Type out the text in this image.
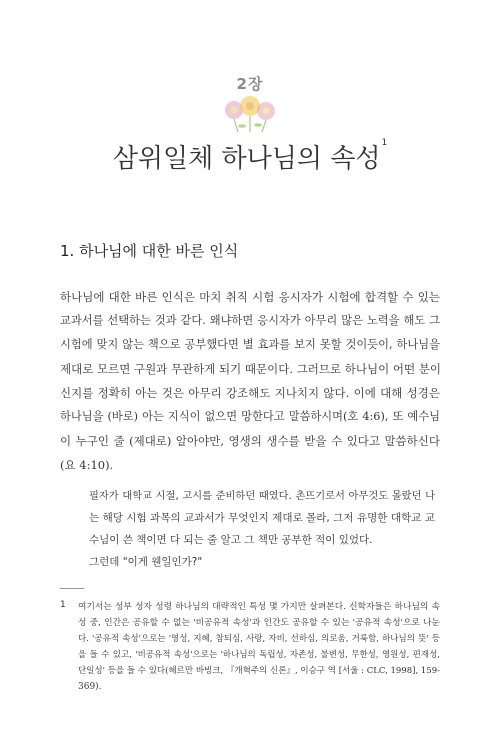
2장
삼위일체 하나님의 속성$^1$
1. 하나님에 대한 바른 인식
하나님에 대한 바른 인식은 마치 취직 시험 응시자가 시험에 합격할 수 있는
교과서를 선택하는 것과 같다. 왜냐하면 응시자가 아무리 많은 노력을 해도 그
시험에 맞지 않는 책으로 공부했다면 별 효과를 보지 못할 것이듯이, 하나님을
제대로 모르면 구원과 무관하게 되기 때문이다. 그러므로 하나님이 어떤 분이
신지를 정확히 아는 것은 아무리 강조해도 지나치지 않다. 이에 대해 성경은
하나님을 (바로) 아는 지식이 없으면 망한다고 말씀하시며(호 4:6), 또 예수님
이 누구인 줄 (제대로) 알아야만, 영생의 생수를 받을 수 있다고 말씀하신다
(요 4:10).
필자가 대학교 시절, 고시를 준비하던 때였다. 촌뜨기로서 아무것도 몰랐던 나
는 해당 시험 과목의 교과서가 무엇인지 제대로 몰라, 그저 유명한 대학교 교
수님이 쓴 책이면 다 되는 줄 알고 그 책만 공부한 적이 있었다.
그런데 "이게 웬일인가?"
1 여기서는 성부 성자 성령 하나님의 대략적인 특성 몇 가지만 살펴본다. 신학자들은 하나님의 속
성 중, 인간은 공유할 수 없는 '비공유적 속성'과 인간도 공유할 수 있는 '공유적 속성'으로 나눈
다. '공유적 속성'으로는 '영성, 지혜, 참되심, 사랑, 자비, 선하심, 의로움, 거룩함, 하나님의 뜻' 등
을 들 수 있고, '비공유적 속성'으로는 '하나님의 독립성, 자존성, 불변성, 무한성, 영원성, 편재성,
단일성' 등을 들 수 있다(헤르만 바빙크, 『개혁주의 신론』, 이승구 역 [서울 : CLC, 1998], 159-
369).
